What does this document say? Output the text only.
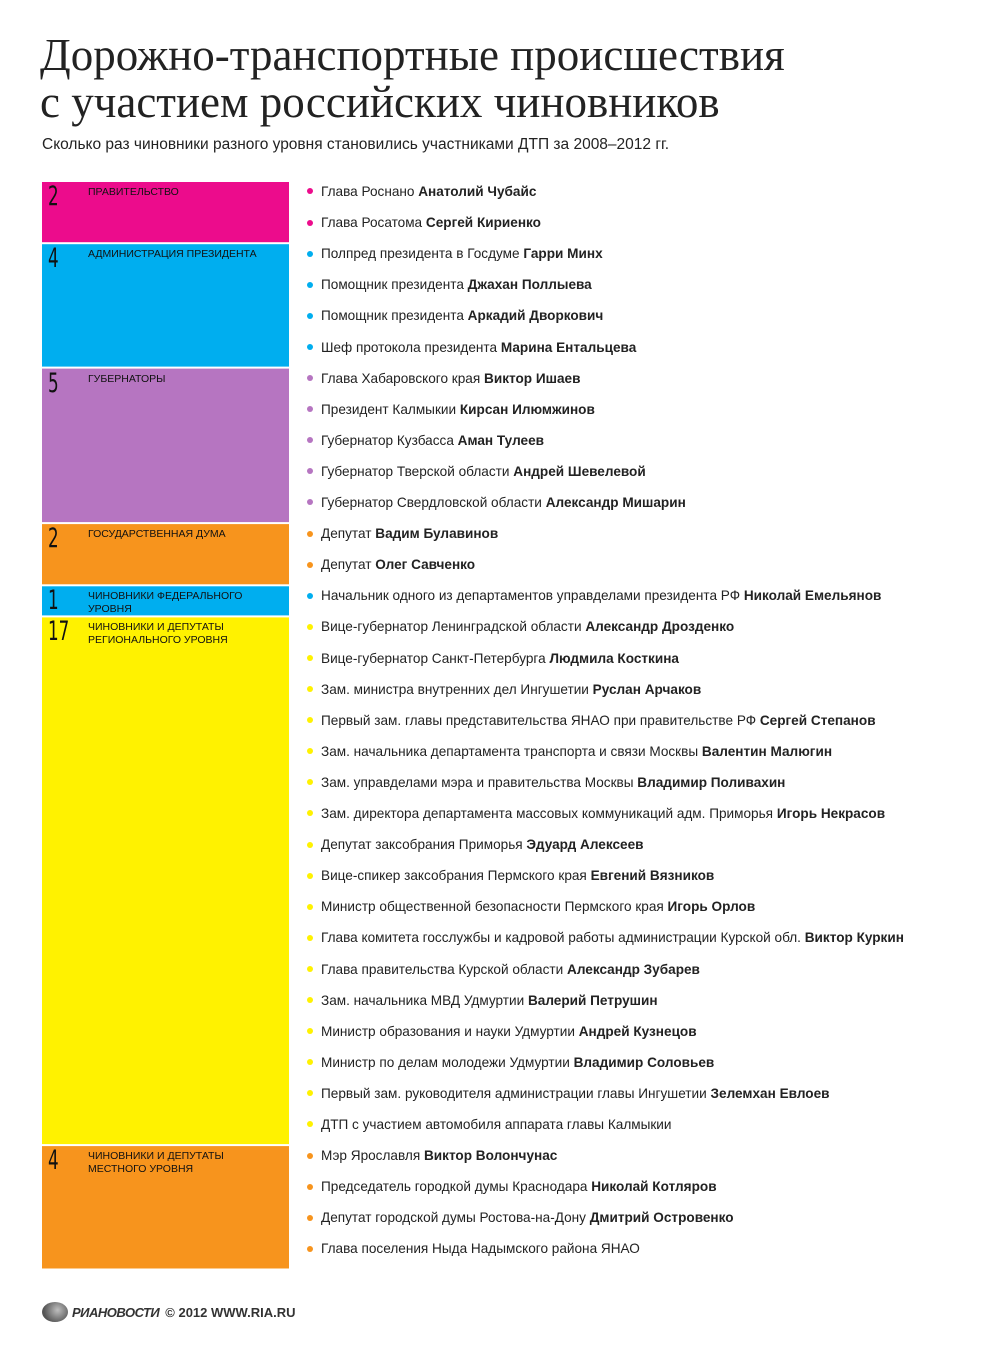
Дорожно-транспортные происшествия
с участием российских чиновников
Сколько раз чиновники разного уровня становились участниками ДТП за 2008–2012 гг.
2	ПРАВИТЕЛЬСТВО	Глава Роснано Анатолий Чубайс
Глава Росатома Сергей Кириенко
4	АДМИНИСТРАЦИЯ ПРЕЗИДЕНТА	Полпред президента в Госдуме Гарри Минх
Помощник президента Джахан Поллыева
Помощник президента Аркадий Дворкович
Шеф протокола президента Марина Ентальцева
5	ГУБЕРНАТОРЫ	Глава Хабаровского края Виктор Ишаев
Президент Калмыкии Кирсан Илюмжинов
Губернатор Кузбасса Аман Тулеев
Губернатор Тверской области Андрей Шевелевой
Губернатор Свердловской области Александр Мишарин
2	ГОСУДАРСТВЕННАЯ ДУМА	Депутат Вадим Булавинов
Депутат Олег Савченко
1	ЧИНОВНИКИ ФЕДЕРАЛЬНОГО УРОВНЯ
Начальник одного из департаментов управделами президента РФ Николай Емельянов
17 ЧИНОВНИКИ И ДЕПУТАТЫ РЕГИОНАЛЬНОГО УРОВНЯ
Вице-губернатор Ленинградской области Александр Дрозденко
Вице-губернатор Санкт-Петербурга Людмила Косткина
Зам. министра внутренних дел Ингушетии Руслан Арчаков
Первый зам. главы представительства ЯНАО при правительстве РФ Сергей Степанов
Зам. начальника департамента транспорта и связи Москвы Валентин Малюгин
Зам. управделами мэра и правительства Москвы Владимир Поливахин
Зам. директора департамента массовых коммуникаций адм. Приморья Игорь Некрасов
Депутат заксобрания Приморья Эдуард Алексеев
Вице-спикер заксобрания Пермского края Евгений Вязников
Министр общественной безопасности Пермского края Игорь Орлов
Глава комитета госслужбы и кадровой работы администрации Курской обл. Виктор Куркин
Глава правительства Курской области Александр Зубарев
Зам. начальника МВД Удмуртии Валерий Петрушин
Министр образования и науки Удмуртии Андрей Кузнецов
Министр по делам молодежи Удмуртии Владимир Соловьев
Первый зам. руководителя администрации главы Ингушетии Зелемхан Евлоев
ДТП с участием автомобиля аппарата главы Калмыкии
4	ЧИНОВНИКИ И ДЕПУТАТЫ МЕСТНОГО УРОВНЯ
Мэр Ярославля Виктор Волончунас
Председатель городкой думы Краснодара Николай Котляров
Депутат городской думы Ростова-на-Дону Дмитрий Островенко
Глава поселения Ныда Надымского района ЯНАО
РИАНОВОСТИ © 2012 WWW.RIA.RU
